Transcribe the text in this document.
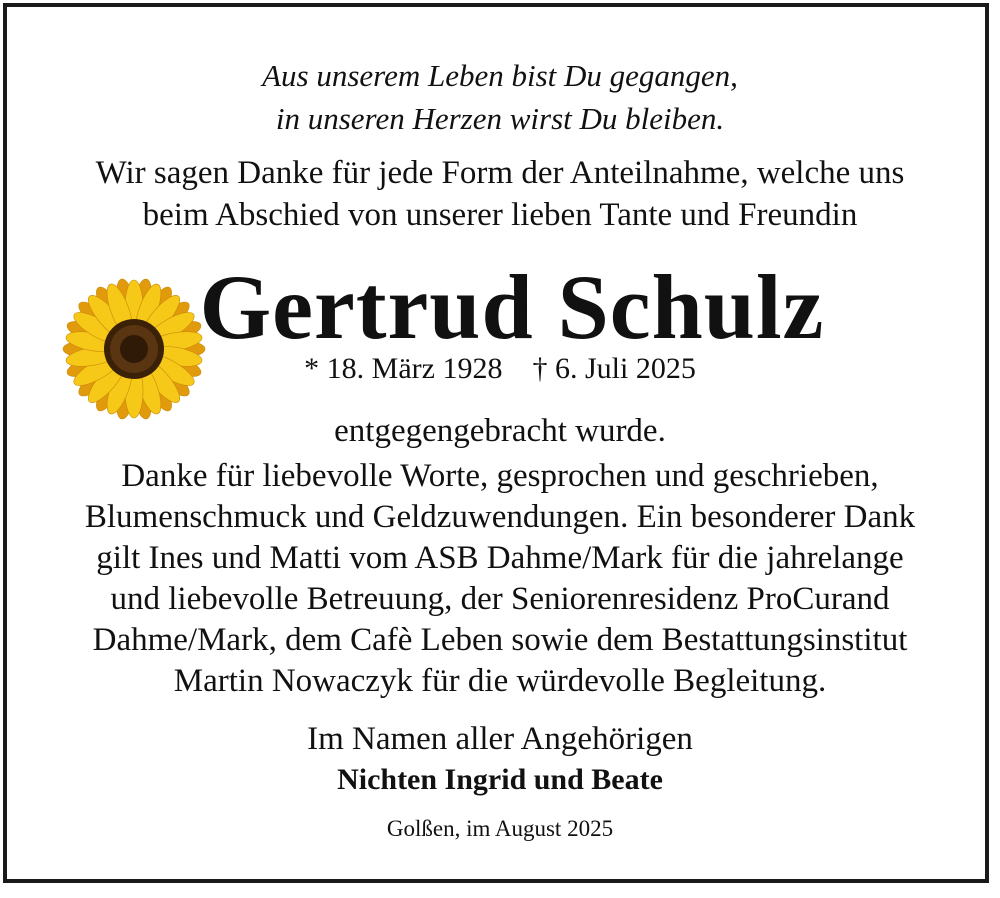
Aus unserem Leben bist Du gegangen,

in unseren Herzen wirst Du bleiben.

Wir sagen Danke für jede Form der Anteilnahme, welche uns

beim Abschied von unserer lieben Tante und Freundin

Gertrud Schulz

* 18. März 1928 † 6. Juli 2025

entgegengebracht wurde.

Danke für liebevolle Worte, gesprochen und geschrieben,

Blumenschmuck und Geldzuwendungen. Ein besonderer Dank

gilt Ines und Matti vom ASB Dahme/Mark für die jahrelange

und liebevolle Betreuung, der Seniorenresidenz ProCurand

Dahme/Mark, dem Cafè Leben sowie dem Bestattungsinstitut

Martin Nowaczyk für die würdevolle Begleitung.

Im Namen aller Angehörigen

Nichten Ingrid und Beate

Golßen, im August 2025
